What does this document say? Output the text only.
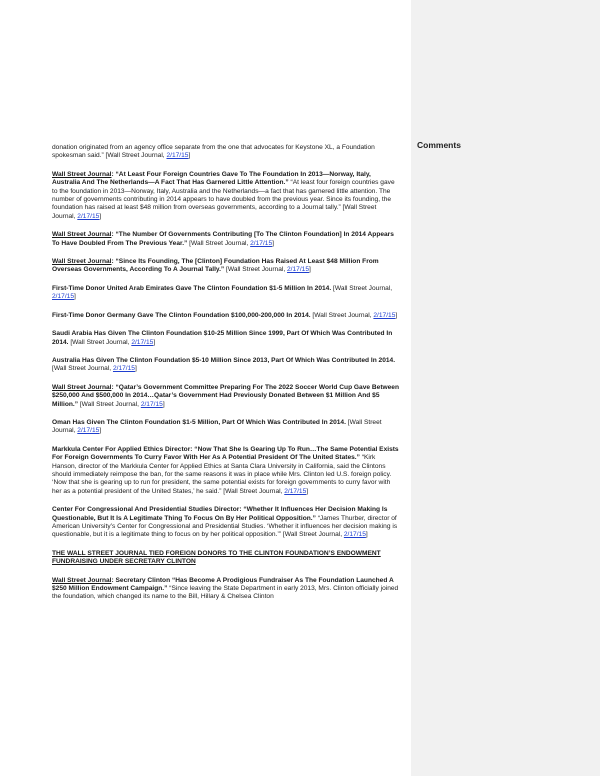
donation originated from an agency office separate from the one that advocates for Keystone XL, a Foundation spokesman said.” [Wall Street Journal, 2/17/15]

Wall Street Journal: “At Least Four Foreign Countries Gave To The Foundation In 2013—Norway, Italy, Australia And The Netherlands—A Fact That Has Garnered Little Attention.” “At least four foreign countries gave to the foundation in 2013—Norway, Italy, Australia and the Netherlands—a fact that has garnered little attention. The number of governments contributing in 2014 appears to have doubled from the previous year. Since its founding, the foundation has raised at least $48 million from overseas governments, according to a Journal tally.” [Wall Street Journal, 2/17/15]

Wall Street Journal: “The Number Of Governments Contributing [To The Clinton Foundation] In 2014 Appears To Have Doubled From The Previous Year.” [Wall Street Journal, 2/17/15]

Wall Street Journal: “Since Its Founding, The [Clinton] Foundation Has Raised At Least $48 Million From Overseas Governments, According To A Journal Tally.” [Wall Street Journal, 2/17/15]

First-Time Donor United Arab Emirates Gave The Clinton Foundation $1-5 Million In 2014. [Wall Street Journal, 2/17/15]

First-Time Donor Germany Gave The Clinton Foundation $100,000-200,000 In 2014. [Wall Street Journal, 2/17/15]

Saudi Arabia Has Given The Clinton Foundation $10-25 Million Since 1999, Part Of Which Was Contributed In 2014. [Wall Street Journal, 2/17/15]

Australia Has Given The Clinton Foundation $5-10 Million Since 2013, Part Of Which Was Contributed In 2014. [Wall Street Journal, 2/17/15]

Wall Street Journal: “Qatar’s Government Committee Preparing For The 2022 Soccer World Cup Gave Between $250,000 And $500,000 In 2014…Qatar’s Government Had Previously Donated Between $1 Million And $5 Million.” [Wall Street Journal, 2/17/15]

Oman Has Given The Clinton Foundation $1-5 Million, Part Of Which Was Contributed In 2014. [Wall Street Journal, 2/17/15]

Markkula Center For Applied Ethics Director: “Now That She Is Gearing Up To Run…The Same Potential Exists For Foreign Governments To Curry Favor With Her As A Potential President Of The United States.” “Kirk Hanson, director of the Markkula Center for Applied Ethics at Santa Clara University in California, said the Clintons should immediately reimpose the ban, for the same reasons it was in place while Mrs. Clinton led U.S. foreign policy. ‘Now that she is gearing up to run for president, the same potential exists for foreign governments to curry favor with her as a potential president of the United States,’ he said.” [Wall Street Journal, 2/17/15]

Center For Congressional And Presidential Studies Director: “Whether It Influences Her Decision Making Is Questionable, But It Is A Legitimate Thing To Focus On By Her Political Opposition.” “James Thurber, director of American University’s Center for Congressional and Presidential Studies. ‘Whether it influences her decision making is questionable, but it is a legitimate thing to focus on by her political opposition.’” [Wall Street Journal, 2/17/15]

THE WALL STREET JOURNAL TIED FOREIGN DONORS TO THE CLINTON FOUNDATION’S ENDOWMENT FUNDRAISING UNDER SECRETARY CLINTON

Wall Street Journal: Secretary Clinton “Has Become A Prodigious Fundraiser As The Foundation Launched A $250 Million Endowment Campaign.” “Since leaving the State Department in early 2013, Mrs. Clinton officially joined the foundation, which changed its name to the Bill, Hillary & Chelsea Clinton

Comments
